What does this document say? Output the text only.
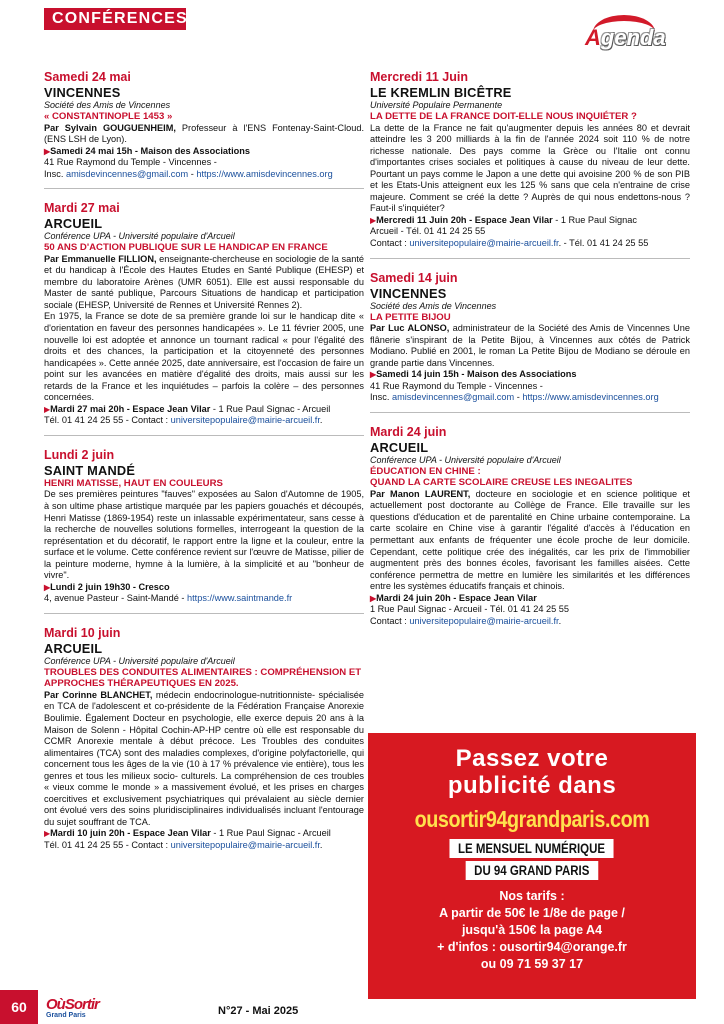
CONFÉRENCES
Agenda
Samedi 24 mai
VINCENNES
Société des Amis de Vincennes
« CONSTANTINOPLE 1453 »
Par Sylvain GOUGUENHEIM, Professeur à l'ENS Fontenay-Saint-Cloud. (ENS LSH de Lyon).
▶Samedi 24 mai 15h - Maison des Associations
41 Rue Raymond du Temple - Vincennes -
Insc. amisdevincennes@gmail.com - https://www.amisdevincennes.org
Mardi 27 mai
ARCUEIL
Conférence UPA - Université populaire d'Arcueil
50 ANS D'ACTION PUBLIQUE SUR LE HANDICAP EN FRANCE
Par Emmanuelle FILLION, enseignante-chercheuse en sociologie de la santé et du handicap à l'École des Hautes Etudes en Santé Publique (EHESP) et membre du laboratoire Arènes (UMR 6051). Elle est aussi responsable du Master de santé publique, Parcours Situations de handicap et participation sociale (EHESP, Université de Rennes et Université Rennes 2).
En 1975, la France se dote de sa première grande loi sur le handicap dite « d'orientation en faveur des personnes handicapées ». Le 11 février 2005, une nouvelle loi est adoptée et annonce un tournant radical « pour l'égalité des droits et des chances, la participation et la citoyenneté des personnes handicapées ». Cette année 2025, date anniversaire, est l'occasion de faire un point sur les avancées en matière d'égalité des droits, mais aussi sur les retards de la France et les inquiétudes – parfois la colère – des personnes concernées.
▶Mardi 27 mai 20h - Espace Jean Vilar - 1 Rue Paul Signac - Arcueil
Tél. 01 41 24 25 55 - Contact : universitepopulaire@mairie-arcueil.fr.
Lundi 2 juin
SAINT MANDÉ
HENRI MATISSE, HAUT EN COULEURS
De ses premières peintures "fauves" exposées au Salon d'Automne de 1905, à son ultime phase artistique marquée par les papiers gouachés et découpés, Henri Matisse (1869-1954) reste un inlassable expérimentateur, sans cesse à la recherche de nouvelles solutions formelles, interrogeant la question de la représentation et du décoratif, le rapport entre la ligne et la couleur, entre la surface et le volume. Cette conférence revient sur l'œuvre de Matisse, pilier de la peinture moderne, hymne à la lumière, à la simplicité et au "bonheur de vivre".
▶Lundi 2 juin 19h30 - Cresco
4, avenue Pasteur - Saint-Mandé - https://www.saintmande.fr
Mardi 10 juin
ARCUEIL
Conférence UPA - Université populaire d'Arcueil
TROUBLES DES CONDUITES ALIMENTAIRES : COMPRÉHENSION ET APPROCHES THÉRAPEUTIQUES EN 2025.
Par Corinne BLANCHET, médecin endocrinologue-nutritionniste- spécialisée en TCA de l'adolescent et co-présidente de la Fédération Française Anorexie Boulimie. Également Docteur en psychologie, elle exerce depuis 20 ans à la Maison de Solenn - Hôpital Cochin-AP-HP centre où elle est responsable du CCMR Anorexie mentale à début précoce. Les Troubles des conduites alimentaires (TCA) sont des maladies complexes, d'origine polyfactorielle, qui concernent tous les âges de la vie (10 à 17 % prévalence vie entière), tous les genres et tous les milieux socio- culturels. La compréhension de ces troubles « vieux comme le monde » a massivement évolué, et les prises en charges coercitives et exclusivement psychiatriques qui prévalaient au siècle dernier ont évolué vers des soins pluridisciplinaires individualisés incluant l'entourage du sujet souffrant de TCA.
▶Mardi 10 juin 20h - Espace Jean Vilar - 1 Rue Paul Signac - Arcueil
Tél. 01 41 24 25 55 - Contact : universitepopulaire@mairie-arcueil.fr.
Mercredi 11 Juin
LE KREMLIN BICÊTRE
Université Populaire Permanente
LA DETTE DE LA FRANCE DOIT-ELLE NOUS INQUIÉTER ?
La dette de la France ne fait qu'augmenter depuis les années 80 et devrait atteindre les 3 200 milliards à la fin de l'année 2024 soit 110 % de notre richesse nationale. Des pays comme la Grèce ou l'Italie ont connu d'importantes crises sociales et politiques à cause du niveau de leur dette. Pourtant un pays comme le Japon a une dette qui avoisine 200 % de son PIB et les Etats-Unis atteignent eux les 125 % sans que cela n'entraine de crise majeure. Comment se créé la dette ? Auprès de qui nous endettons-nous ? Faut-il s'inquiéter?
▶Mercredi 11 Juin 20h - Espace Jean Vilar - 1 Rue Paul Signac
Arcueil - Tél. 01 41 24 25 55
Contact : universitepopulaire@mairie-arcueil.fr. - Tél. 01 41 24 25 55
Samedi 14 juin
VINCENNES
Société des Amis de Vincennes
LA PETITE BIJOU
Par Luc ALONSO, administrateur de la Société des Amis de Vincennes Une flânerie s'inspirant de la Petite Bijou, à Vincennes aux côtés de Patrick Modiano. Publié en 2001, le roman La Petite Bijou de Modiano se déroule en grande partie dans Vincennes.
▶Samedi 14 juin 15h - Maison des Associations
41 Rue Raymond du Temple - Vincennes -
Insc. amisdevincennes@gmail.com - https://www.amisdevincennes.org
Mardi 24 juin
ARCUEIL
Conférence UPA - Université populaire d'Arcueil
ÉDUCATION EN CHINE :
QUAND LA CARTE SCOLAIRE CREUSE LES INEGALITES
Par Manon LAURENT, docteure en sociologie et en science politique et actuellement post doctorante au Collège de France. Elle travaille sur les questions d'éducation et de parentalité en Chine urbaine contemporaine. La carte scolaire en Chine vise à garantir l'égalité d'accès à l'éducation en permettant aux enfants de fréquenter une école proche de leur domicile. Cependant, cette politique crée des inégalités, car les prix de l'immobilier augmentent près des bonnes écoles, favorisant les familles aisées. Cette conférence permettra de mettre en lumière les similarités et les différences entre les systèmes éducatifs français et chinois.
▶Mardi 24 juin 20h - Espace Jean Vilar
1 Rue Paul Signac - Arcueil - Tél. 01 41 24 25 55
Contact : universitepopulaire@mairie-arcueil.fr.
Passez votre
publicité dans
ousortir94grandparis.com
LE MENSUEL NUMÉRIQUE
DU 94 GRAND PARIS
Nos tarifs :
A partir de 50€ le 1/8e de page /
jusqu'à 150€ la page A4
+ d'infos : ousortir94@orange.fr
ou 09 71 59 37 17
60	OùSortir
Grand Paris	N°27 - Mai 2025
